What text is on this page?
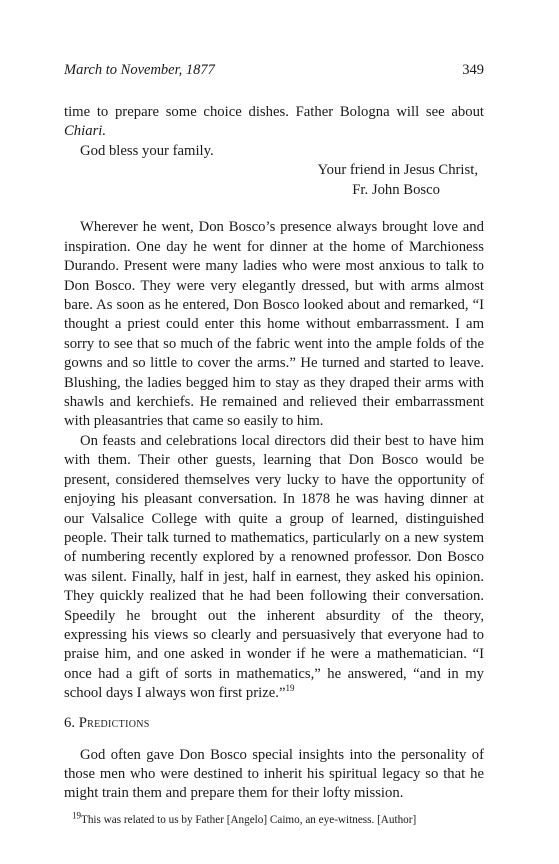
March to November, 1877	349

time to prepare some choice dishes. Father Bologna will see about Chiari.

God bless your family.

Your friend in Jesus Christ,
Fr. John Bosco

Wherever he went, Don Bosco’s presence always brought love and inspiration. One day he went for dinner at the home of Marchioness Durando. Present were many ladies who were most anxious to talk to Don Bosco. They were very elegantly dressed, but with arms almost bare. As soon as he entered, Don Bosco looked about and remarked, “I thought a priest could enter this home without embarrassment. I am sorry to see that so much of the fabric went into the ample folds of the gowns and so little to cover the arms.” He turned and started to leave. Blushing, the ladies begged him to stay as they draped their arms with shawls and kerchiefs. He remained and relieved their embarrassment with pleasantries that came so easily to him.

On feasts and celebrations local directors did their best to have him with them. Their other guests, learning that Don Bosco would be present, considered themselves very lucky to have the opportunity of enjoying his pleasant conversation. In 1878 he was having dinner at our Valsalice College with quite a group of learned, distinguished people. Their talk turned to mathematics, particularly on a new system of numbering recently explored by a renowned professor. Don Bosco was silent. Finally, half in jest, half in earnest, they asked his opinion. They quickly realized that he had been following their conversation. Speedily he brought out the inherent absurdity of the theory, expressing his views so clearly and persuasively that everyone had to praise him, and one asked in wonder if he were a mathematician. “I once had a gift of sorts in mathematics,” he answered, “and in my school days I always won first prize.”$^{19}$

6. Predictions

God often gave Don Bosco special insights into the personality of those men who were destined to inherit his spiritual legacy so that he might train them and prepare them for their lofty mission.

$^{19}$This was related to us by Father [Angelo] Caimo, an eye-witness. [Author]
